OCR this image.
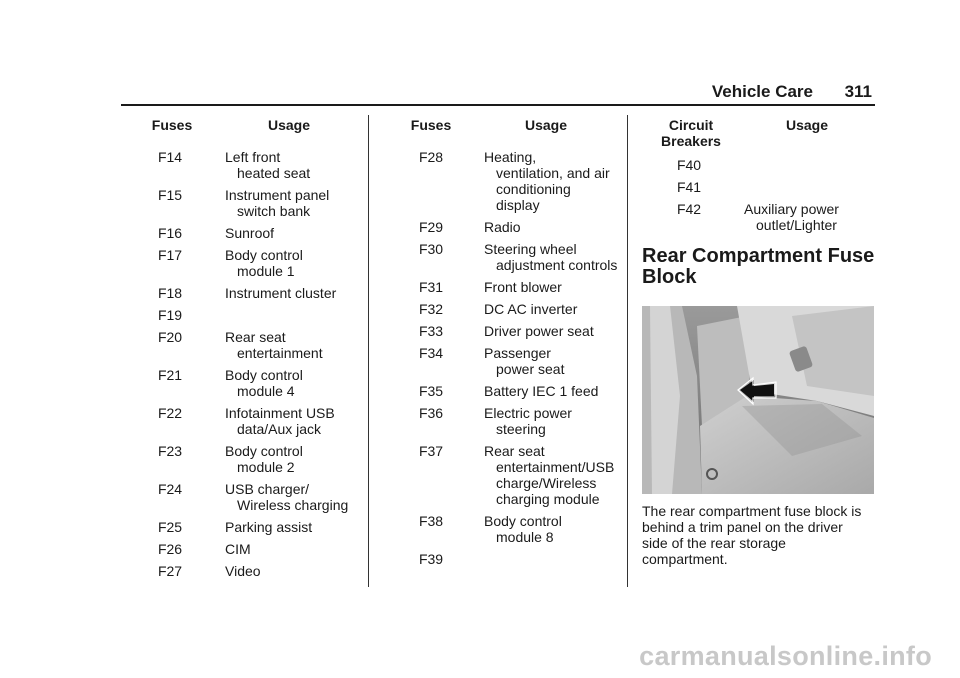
Vehicle Care 311
Fuses	Usage
F14	Left front
heated seat
F15	Instrument panel
switch bank
F16	Sunroof
F17	Body control
module 1
F18	Instrument cluster
F19
F20	Rear seat
entertainment
F21	Body control
module 4
F22	Infotainment USB
data/Aux jack
F23	Body control
module 2
F24	USB charger/
Wireless charging
F25	Parking assist
F26	CIM
F27	Video
Fuses	Usage
F28	Heating,
ventilation, and air
conditioning
display
F29	Radio
F30	Steering wheel
adjustment controls
F31	Front blower
F32	DC AC inverter
F33	Driver power seat
F34	Passenger
power seat
F35	Battery IEC 1 feed
F36	Electric power
steering
F37	Rear seat
entertainment/USB
charge/Wireless
charging module
F38	Body control
module 8
F39
Circuit
Breakers
Usage
F40
F41
F42	Auxiliary power
outlet/Lighter
Rear Compartment Fuse
Block
The rear compartment fuse block is
behind a trim panel on the driver
side of the rear storage
compartment.
carmanualsonline.info
